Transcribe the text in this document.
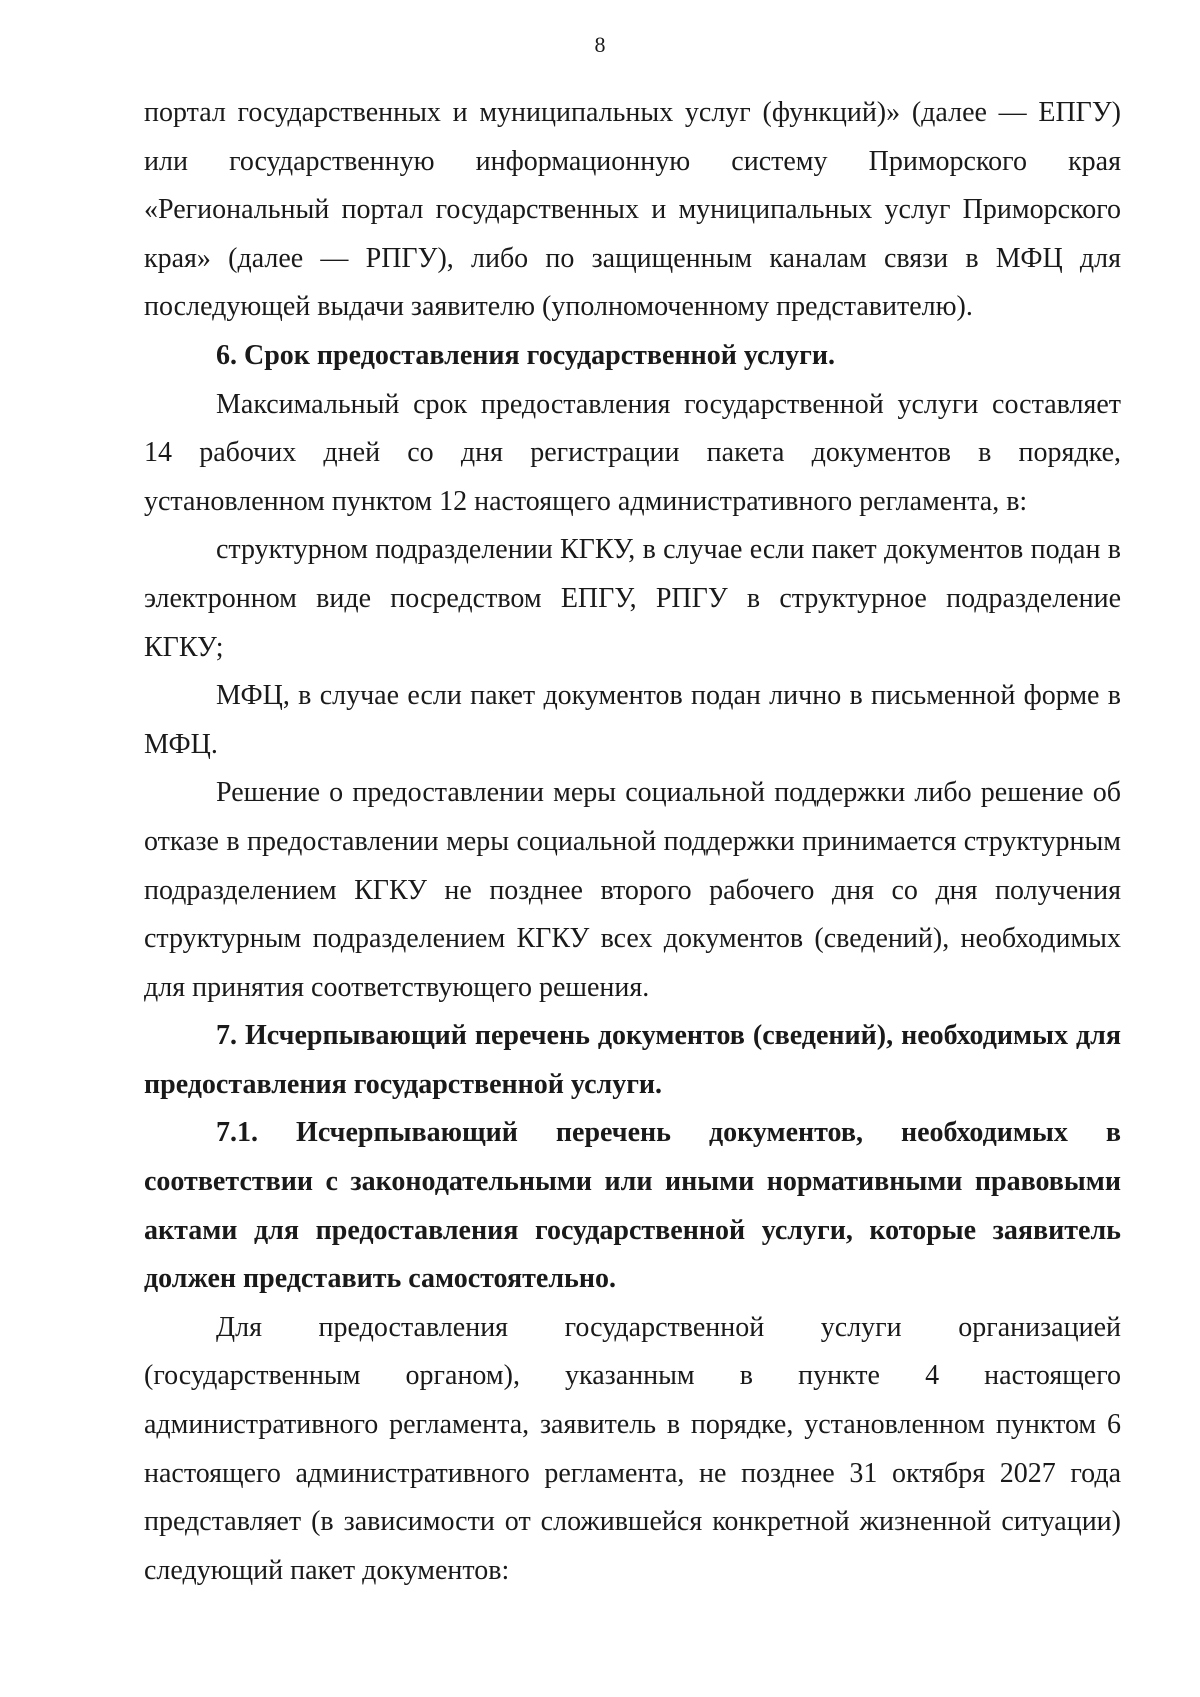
8

портал государственных и муниципальных услуг (функций)» (далее — ЕПГУ) или государственную информационную систему Приморского края «Региональный портал государственных и муниципальных услуг Приморского края» (далее — РПГУ), либо по защищенным каналам связи в МФЦ для последующей выдачи заявителю (уполномоченному представителю).

6. Срок предоставления государственной услуги.

Максимальный срок предоставления государственной услуги составляет 14 рабочих дней со дня регистрации пакета документов в порядке, установленном пунктом 12 настоящего административного регламента, в:

структурном подразделении КГКУ, в случае если пакет документов подан в электронном виде посредством ЕПГУ, РПГУ в структурное подразделение КГКУ;

МФЦ, в случае если пакет документов подан лично в письменной форме в МФЦ.

Решение о предоставлении меры социальной поддержки либо решение об отказе в предоставлении меры социальной поддержки принимается структурным подразделением КГКУ не позднее второго рабочего дня со дня получения структурным подразделением КГКУ всех документов (сведений), необходимых для принятия соответствующего решения.

7. Исчерпывающий перечень документов (сведений), необходимых для предоставления государственной услуги.

7.1. Исчерпывающий перечень документов, необходимых в соответствии с законодательными или иными нормативными правовыми актами для предоставления государственной услуги, которые заявитель должен представить самостоятельно.

Для предоставления государственной услуги организацией (государственным органом), указанным в пункте 4 настоящего административного регламента, заявитель в порядке, установленном пунктом 6 настоящего административного регламента, не позднее 31 октября 2027 года представляет (в зависимости от сложившейся конкретной жизненной ситуации) следующий пакет документов:
